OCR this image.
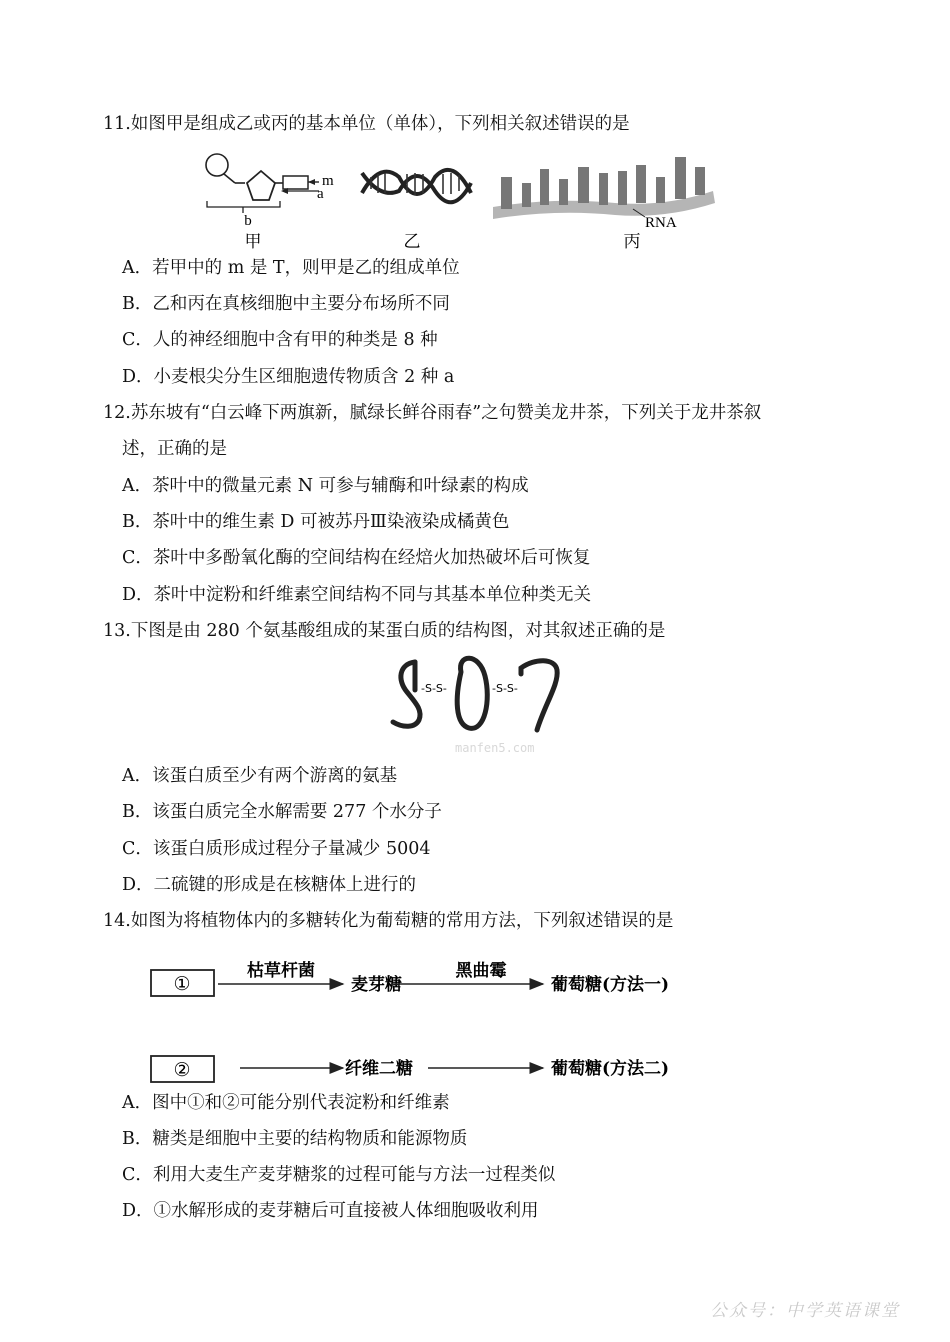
11.如图甲是组成乙或丙的基本单位（单体），下列相关叙述错误的是
m
a
b
甲	乙
RNA
丙
A．若甲中的 m 是 T，则甲是乙的组成单位
B．乙和丙在真核细胞中主要分布场所不同
C．人的神经细胞中含有甲的种类是 8 种
D．小麦根尖分生区细胞遗传物质含 2 种 a
12.苏东坡有“白云峰下两旗新，腻绿长鲜谷雨春”之句赞美龙井茶，下列关于龙井茶叙
述，正确的是
A．茶叶中的微量元素 N 可参与辅酶和叶绿素的构成
B．茶叶中的维生素 D 可被苏丹Ⅲ染液染成橘黄色
C．茶叶中多酚氧化酶的空间结构在经焙火加热破坏后可恢复
D．茶叶中淀粉和纤维素空间结构不同与其基本单位种类无关
13.下图是由 280 个氨基酸组成的某蛋白质的结构图，对其叙述正确的是
-S-S-	-S-S-
manfen5.com
A．该蛋白质至少有两个游离的氨基
B．该蛋白质完全水解需要 277 个水分子
C．该蛋白质形成过程分子量减少 5004
D．二硫键的形成是在核糖体上进行的
14.如图为将植物体内的多糖转化为葡萄糖的常用方法，下列叙述错误的是
①
枯草杆菌
麦芽糖
黑曲霉
葡萄糖(方法一)
②	纤维二糖	葡萄糖(方法二)
A．图中①和②可能分别代表淀粉和纤维素
B．糖类是细胞中主要的结构物质和能源物质
C．利用大麦生产麦芽糖浆的过程可能与方法一过程类似
D．①水解形成的麦芽糖后可直接被人体细胞吸收利用
公众号：中学英语课堂
